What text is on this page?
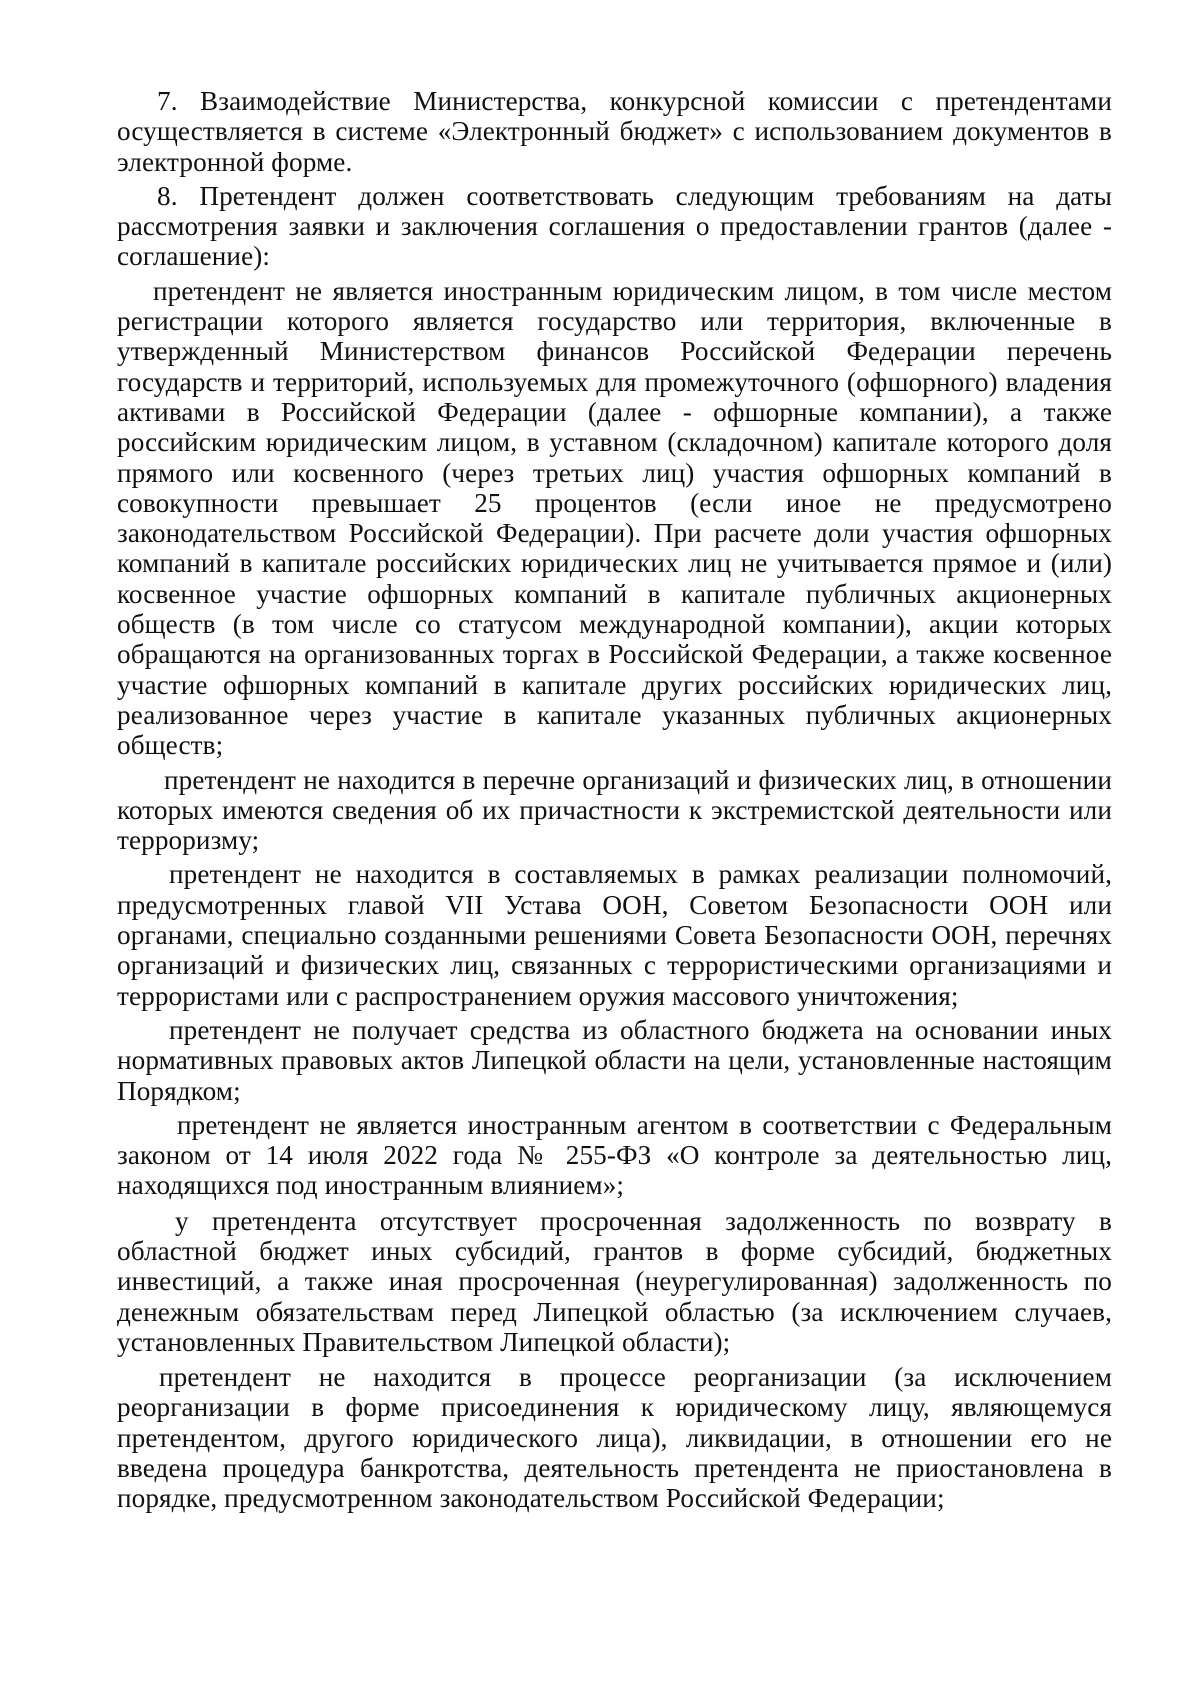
7. Взаимодействие Министерства, конкурсной комиссии с претендентами осуществляется в системе «Электронный бюджет» с использованием документов в электронной форме.

8. Претендент должен соответствовать следующим требованиям на даты рассмотрения заявки и заключения соглашения о предоставлении грантов (далее - соглашение):

претендент не является иностранным юридическим лицом, в том числе местом регистрации которого является государство или территория, включенные в утвержденный Министерством финансов Российской Федерации перечень государств и территорий, используемых для промежуточного (офшорного) владения активами в Российской Федерации (далее - офшорные компании), а также российским юридическим лицом, в уставном (складочном) капитале которого доля прямого или косвенного (через третьих лиц) участия офшорных компаний в совокупности превышает 25 процентов (если иное не предусмотрено законодательством Российской Федерации). При расчете доли участия офшорных компаний в капитале российских юридических лиц не учитывается прямое и (или) косвенное участие офшорных компаний в капитале публичных акционерных обществ (в том числе со статусом международной компании), акции которых обращаются на организованных торгах в Российской Федерации, а также косвенное участие офшорных компаний в капитале других российских юридических лиц, реализованное через участие в капитале указанных публичных акционерных обществ;

претендент не находится в перечне организаций и физических лиц, в отношении которых имеются сведения об их причастности к экстремистской деятельности или терроризму;

претендент не находится в составляемых в рамках реализации полномочий, предусмотренных главой VII Устава ООН, Советом Безопасности ООН или органами, специально созданными решениями Совета Безопасности ООН, перечнях организаций и физических лиц, связанных с террористическими организациями и террористами или с распространением оружия массового уничтожения;

претендент не получает средства из областного бюджета на основании иных нормативных правовых актов Липецкой области на цели, установленные настоящим Порядком;

претендент не является иностранным агентом в соответствии с Федеральным законом от 14 июля 2022 года № 255-ФЗ «О контроле за деятельностью лиц, находящихся под иностранным влиянием»;

у претендента отсутствует просроченная задолженность по возврату в областной бюджет иных субсидий, грантов в форме субсидий, бюджетных инвестиций, а также иная просроченная (неурегулированная) задолженность по денежным обязательствам перед Липецкой областью (за исключением случаев, установленных Правительством Липецкой области);

претендент не находится в процессе реорганизации (за исключением реорганизации в форме присоединения к юридическому лицу, являющемуся претендентом, другого юридического лица), ликвидации, в отношении его не введена процедура банкротства, деятельность претендента не приостановлена в порядке, предусмотренном законодательством Российской Федерации;
